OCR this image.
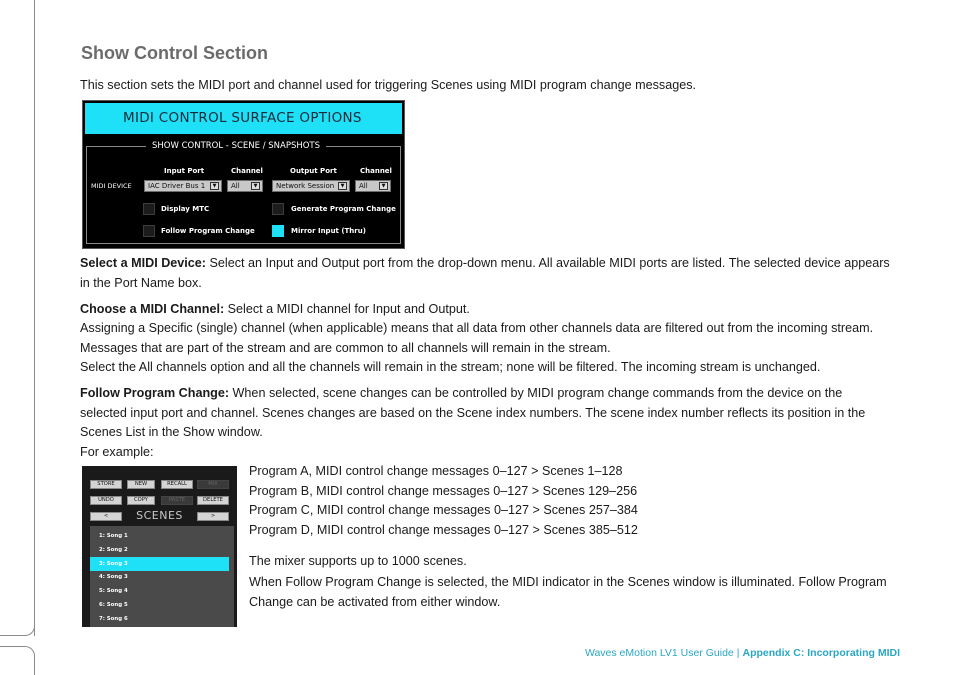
Show Control Section
This section sets the MIDI port and channel used for triggering Scenes using MIDI program change messages.
MIDI CONTROL SURFACE OPTIONS
SHOW CONTROL - SCENE / SNAPSHOTS
Input Port	Channel	Output Port	Channel
MIDI DEVICE	IAC Driver Bus 1	▼	All	▼	Network Session	▼	All	▼
Display MTC	Generate Program Change
Follow Program Change	Mirror Input (Thru)
Select a MIDI Device: Select an Input and Output port from the drop-down menu. All available MIDI ports are listed. The selected device appears in the Port Name box.
Choose a MIDI Channel: Select a MIDI channel for Input and Output.
Assigning a Specific (single) channel (when applicable) means that all data from other channels data are filtered out from the incoming stream. Messages that are part of the stream and are common to all channels will remain in the stream.
Select the All channels option and all the channels will remain in the stream; none will be filtered. The incoming stream is unchanged.
Follow Program Change: When selected, scene changes can be controlled by MIDI program change commands from the device on the selected input port and channel. Scenes changes are based on the Scene index numbers. The scene index number reflects its position in the Scenes List in the Show window.
For example:
STORE	NEW	RECALL	MIX
UNDO	COPY	PASTE	DELETE
<	SCENES	>
1: Song 1
2: Song 2
3: Song 3
4: Song 3
5: Song 4
6: Song 5
7: Song 6
Program A, MIDI control change messages 0–127 > Scenes 1–128
Program B, MIDI control change messages 0–127 > Scenes 129–256
Program C, MIDI control change messages 0–127 > Scenes 257–384
Program D, MIDI control change messages 0–127 > Scenes 385–512
The mixer supports up to 1000 scenes.
When Follow Program Change is selected, the MIDI indicator in the Scenes window is illuminated. Follow Program Change can be activated from either window.
Waves eMotion LV1 User Guide | Appendix C: Incorporating MIDI
